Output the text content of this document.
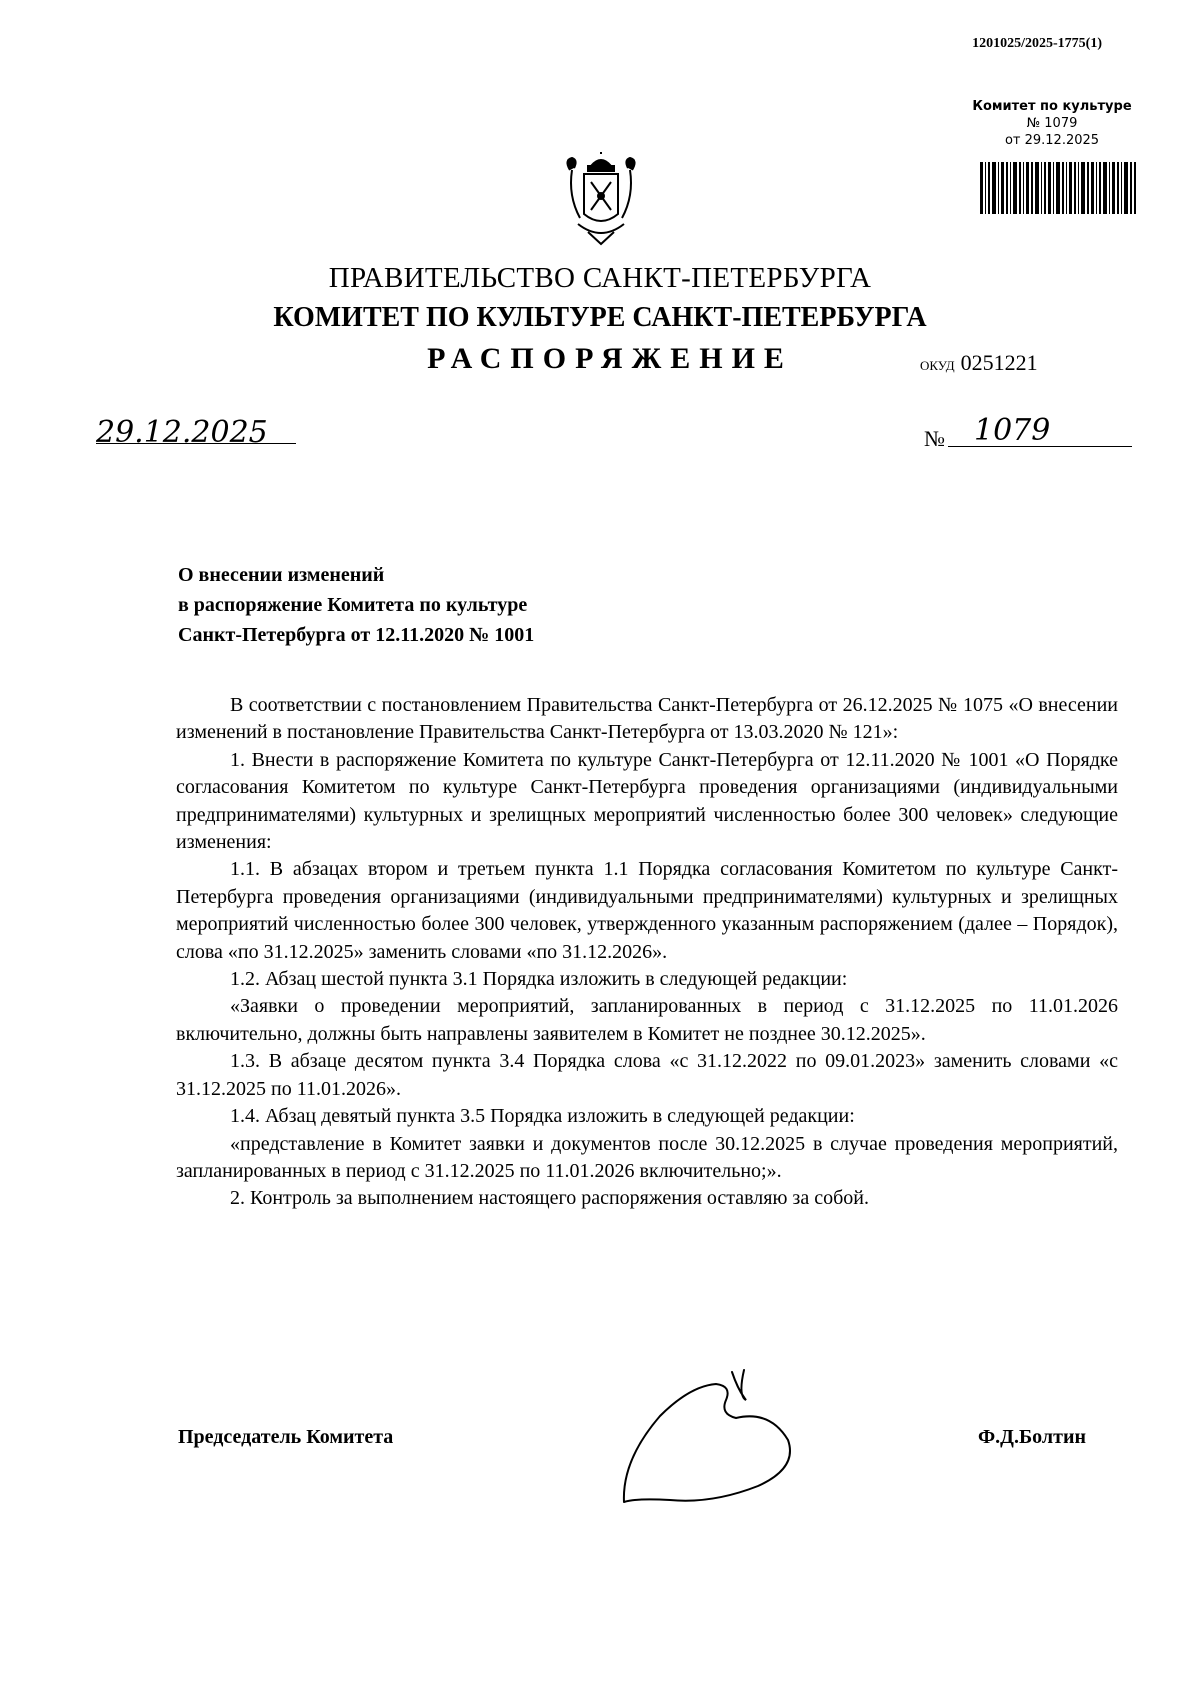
1201025/2025-1775(1)
Комитет по культуре
№ 1079
от 29.12.2025
ПРАВИТЕЛЬСТВО САНКТ-ПЕТЕРБУРГА
КОМИТЕТ ПО КУЛЬТУРЕ САНКТ-ПЕТЕРБУРГА
РАСПОРЯЖЕНИЕ	ОКУД 0251221
29.12.2025	№ 1079
О внесении изменений
в распоряжение Комитета по культуре
Санкт-Петербурга от 12.11.2020 № 1001

В соответствии с постановлением Правительства Санкт-Петербурга от 26.12.2025 № 1075 «О внесении изменений в постановление Правительства Санкт-Петербурга от 13.03.2020 № 121»:

1. Внести в распоряжение Комитета по культуре Санкт-Петербурга от 12.11.2020 № 1001 «О Порядке согласования Комитетом по культуре Санкт-Петербурга проведения организациями (индивидуальными предпринимателями) культурных и зрелищных мероприятий численностью более 300 человек» следующие изменения:

1.1. В абзацах втором и третьем пункта 1.1 Порядка согласования Комитетом по культуре Санкт-Петербурга проведения организациями (индивидуальными предпринимателями) культурных и зрелищных мероприятий численностью более 300 человек, утвержденного указанным распоряжением (далее – Порядок), слова «по 31.12.2025» заменить словами «по 31.12.2026».

1.2. Абзац шестой пункта 3.1 Порядка изложить в следующей редакции:

«Заявки о проведении мероприятий, запланированных в период с 31.12.2025 по 11.01.2026 включительно, должны быть направлены заявителем в Комитет не позднее 30.12.2025».

1.3. В абзаце десятом пункта 3.4 Порядка слова «с 31.12.2022 по 09.01.2023» заменить словами «с 31.12.2025 по 11.01.2026».

1.4. Абзац девятый пункта 3.5 Порядка изложить в следующей редакции:

«представление в Комитет заявки и документов после 30.12.2025 в случае проведения мероприятий, запланированных в период с 31.12.2025 по 11.01.2026 включительно;».

2. Контроль за выполнением настоящего распоряжения оставляю за собой.

Председатель Комитета	Ф.Д.Болтин
